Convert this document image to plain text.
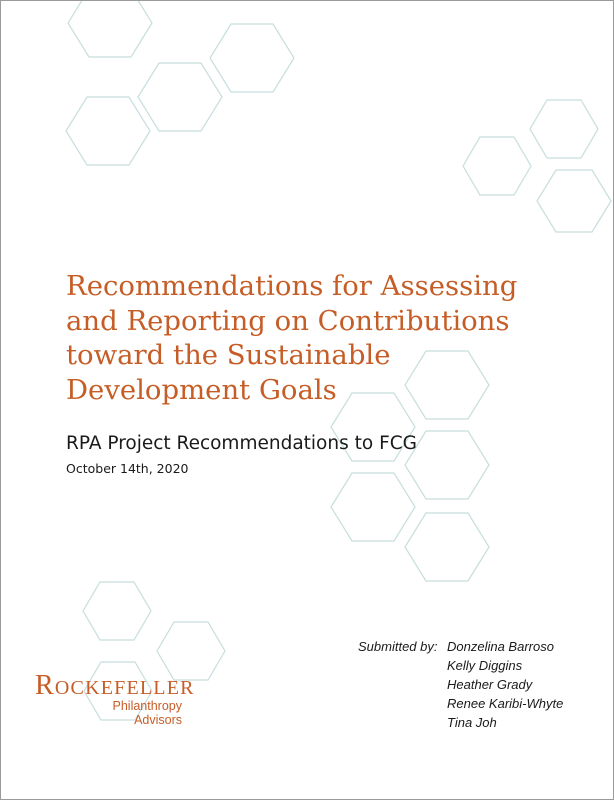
Recommendations for Assessing
and Reporting on Contributions
toward the Sustainable
Development Goals
RPA Project Recommendations to FCG
October 14th, 2020
ROCKEFELLER
Philanthropy
Advisors
Submitted by: Donzelina Barroso
Kelly Diggins
Heather Grady
Renee Karibi-Whyte
Tina Joh
